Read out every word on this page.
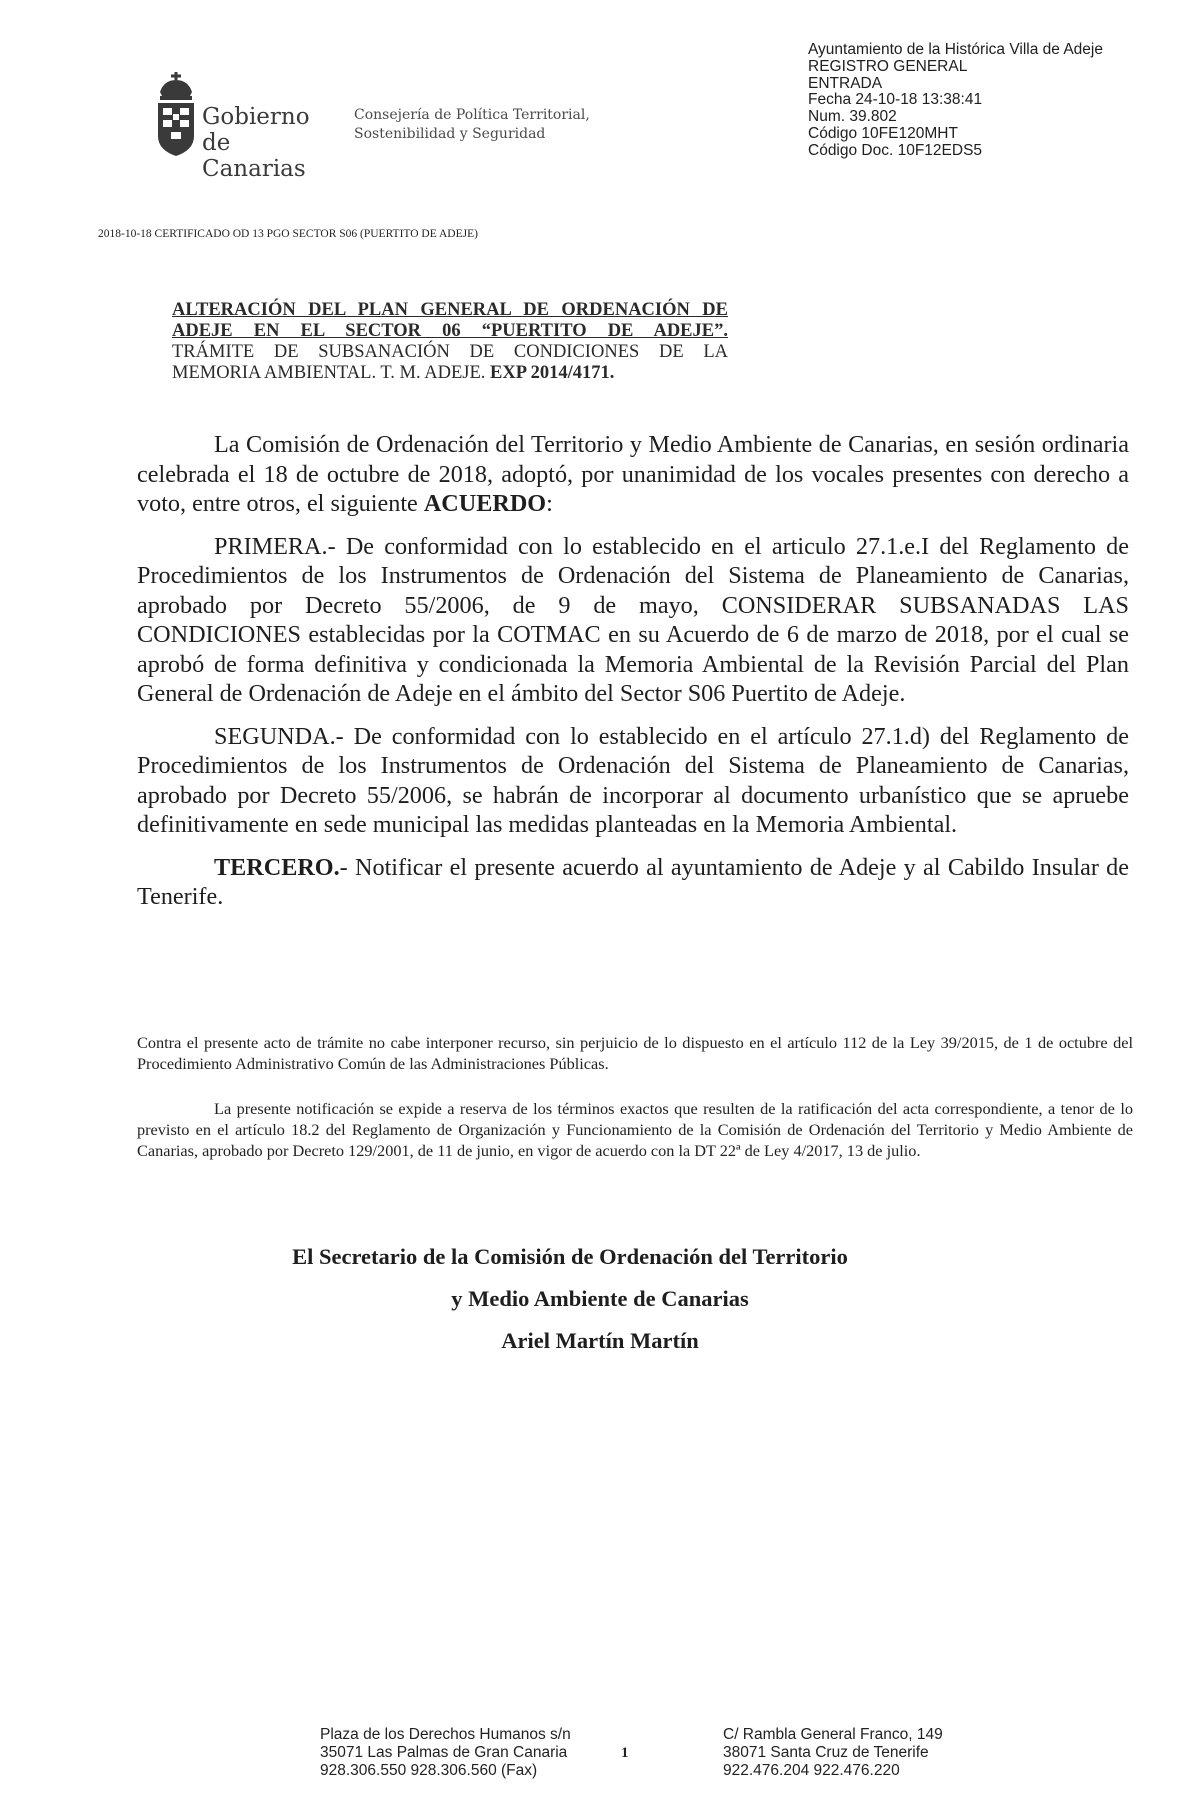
Gobierno
de Canarias
Consejería de Política Territorial,
Sostenibilidad y Seguridad
Ayuntamiento de la Histórica Villa de Adeje
REGISTRO GENERAL
ENTRADA
Fecha 24-10-18 13:38:41
Num. 39.802
Código 10FE120MHT
Código Doc. 10F12EDS5
2018-10-18 CERTIFICADO OD 13 PGO SECTOR S06 (PUERTITO DE ADEJE)
ALTERACIÓN DEL PLAN GENERAL DE ORDENACIÓN DE
ADEJE EN EL SECTOR 06 “PUERTITO DE ADEJE”.
TRÁMITE DE SUBSANACIÓN DE CONDICIONES DE LA
MEMORIA AMBIENTAL. T. M. ADEJE. EXP 2014/4171.

La Comisión de Ordenación del Territorio y Medio Ambiente de Canarias, en sesión ordinaria celebrada el 18 de octubre de 2018, adoptó, por unanimidad de los vocales presentes con derecho a voto, entre otros, el siguiente ACUERDO:

PRIMERA.- De conformidad con lo establecido en el articulo 27.1.e.I del Reglamento de Procedimientos de los Instrumentos de Ordenación del Sistema de Planeamiento de Canarias, aprobado por Decreto 55/2006, de 9 de mayo, CONSIDERAR SUBSANADAS LAS CONDICIONES establecidas por la COTMAC en su Acuerdo de 6 de marzo de 2018, por el cual se aprobó de forma definitiva y condicionada la Memoria Ambiental de la Revisión Parcial del Plan General de Ordenación de Adeje en el ámbito del Sector S06 Puertito de Adeje.

SEGUNDA.- De conformidad con lo establecido en el artículo 27.1.d) del Reglamento de Procedimientos de los Instrumentos de Ordenación del Sistema de Planeamiento de Canarias, aprobado por Decreto 55/2006, se habrán de incorporar al documento urbanístico que se apruebe definitivamente en sede municipal las medidas planteadas en la Memoria Ambiental.

TERCERO.- Notificar el presente acuerdo al ayuntamiento de Adeje y al Cabildo Insular de Tenerife.

Contra el presente acto de trámite no cabe interponer recurso, sin perjuicio de lo dispuesto en el artículo 112 de la Ley 39/2015, de 1 de octubre del Procedimiento Administrativo Común de las Administraciones Públicas.

La presente notificación se expide a reserva de los términos exactos que resulten de la ratificación del acta correspondiente, a tenor de lo previsto en el artículo 18.2 del Reglamento de Organización y Funcionamiento de la Comisión de Ordenación del Territorio y Medio Ambiente de Canarias, aprobado por Decreto 129/2001, de 11 de junio, en vigor de acuerdo con la DT 22ª de Ley 4/2017, 13 de julio.

El Secretario de la Comisión de Ordenación del Territorio
y Medio Ambiente de Canarias
Ariel Martín Martín
Plaza de los Derechos Humanos s/n
35071 Las Palmas de Gran Canaria
928.306.550 928.306.560 (Fax)
1
C/ Rambla General Franco, 149
38071 Santa Cruz de Tenerife
922.476.204 922.476.220
